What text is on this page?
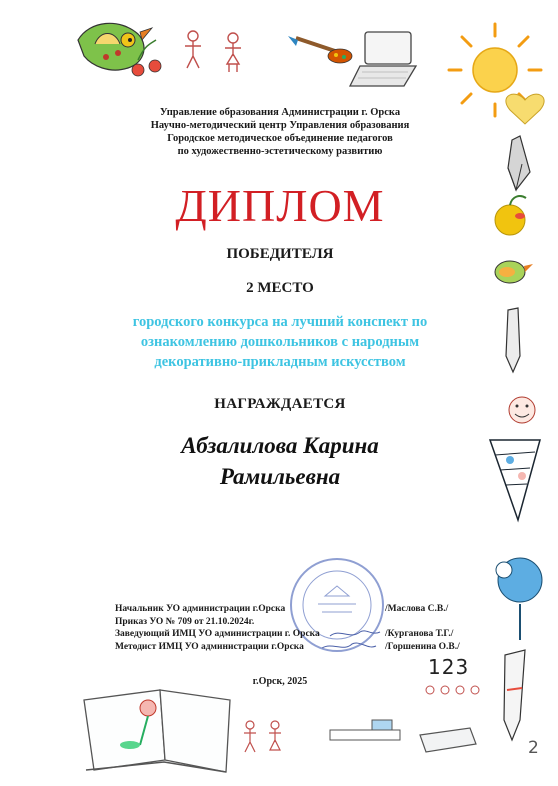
Управление образования Администрации г. Орска
Научно-методический центр Управления образования
Городское методическое объединение педагогов
по художественно-эстетическому развитию
ДИПЛОМ
ПОБЕДИТЕЛЯ
2 МЕСТО
городского конкурса на лучший конспект по
ознакомлению дошкольников с народным
декоративно-прикладным искусством
НАГРАЖДАЕТСЯ
Абзалилова Карина
Рамильевна
Начальник УО администрации г.Орска	/Маслова С.В./
Приказ УО № 709 от 21.10.2024г.
Заведующий ИМЦ УО администрации г. Орска	/Курганова Т.Г./
Методист ИМЦ УО администрации г.Орска	/Горшенина О.В./
123
г.Орск, 2025
2
